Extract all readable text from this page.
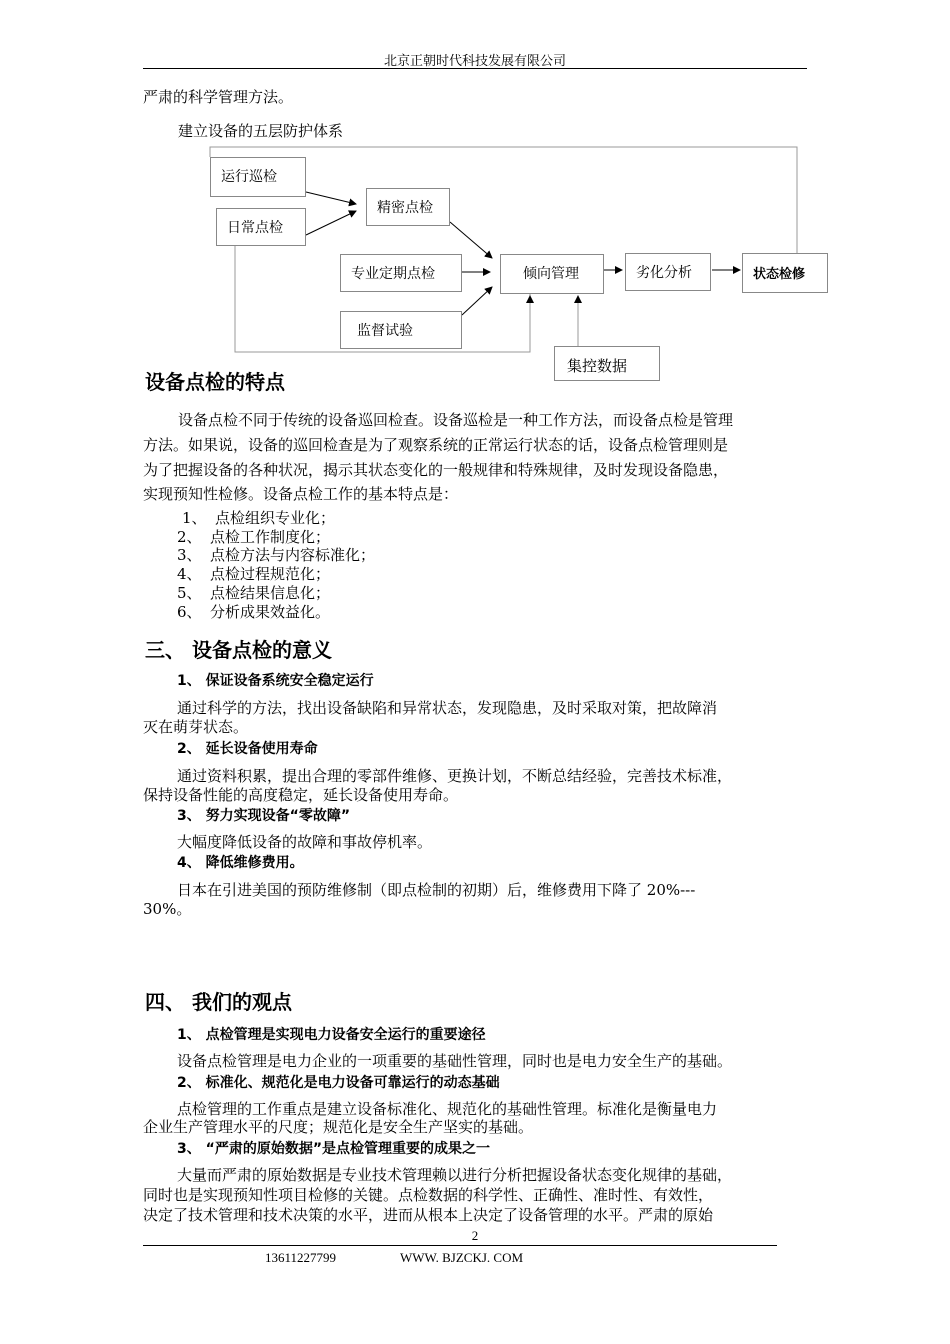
北京正朝时代科技发展有限公司
严肃的科学管理方法。
建立设备的五层防护体系
运行巡检
日常点检
精密点检
专业定期点检	倾向管理	劣化分析	状态检修
监督试验
集控数据
设备点检的特点
设备点检不同于传统的设备巡回检查。设备巡检是一种工作方法，而设备点检是管理
方法。如果说，设备的巡回检查是为了观察系统的正常运行状态的话，设备点检管理则是
为了把握设备的各种状况，揭示其状态变化的一般规律和特殊规律，及时发现设备隐患，
实现预知性检修。设备点检工作的基本特点是：
1、 点检组织专业化；
2、 点检工作制度化；
3、 点检方法与内容标准化；
4、 点检过程规范化；
5、 点检结果信息化；
6、 分析成果效益化。
三、 设备点检的意义
1、 保证设备系统安全稳定运行
通过科学的方法，找出设备缺陷和异常状态，发现隐患，及时采取对策，把故障消
灭在萌芽状态。
2、 延长设备使用寿命
通过资料积累，提出合理的零部件维修、更换计划，不断总结经验，完善技术标准，
保持设备性能的高度稳定，延长设备使用寿命。
3、 努力实现设备“零故障”
大幅度降低设备的故障和事故停机率。
4、 降低维修费用。
日本在引进美国的预防维修制（即点检制的初期）后，维修费用下降了 20%---
30%。
四、 我们的观点
1、 点检管理是实现电力设备安全运行的重要途径
设备点检管理是电力企业的一项重要的基础性管理，同时也是电力安全生产的基础。
2、 标准化、规范化是电力设备可靠运行的动态基础
点检管理的工作重点是建立设备标准化、规范化的基础性管理。标准化是衡量电力
企业生产管理水平的尺度；规范化是安全生产坚实的基础。
3、 “严肃的原始数据”是点检管理重要的成果之一
大量而严肃的原始数据是专业技术管理赖以进行分析把握设备状态变化规律的基础，
同时也是实现预知性项目检修的关键。点检数据的科学性、正确性、准时性、有效性，
决定了技术管理和技术决策的水平，进而从根本上决定了设备管理的水平。严肃的原始
2
13611227799	WWW. BJZCKJ. COM
